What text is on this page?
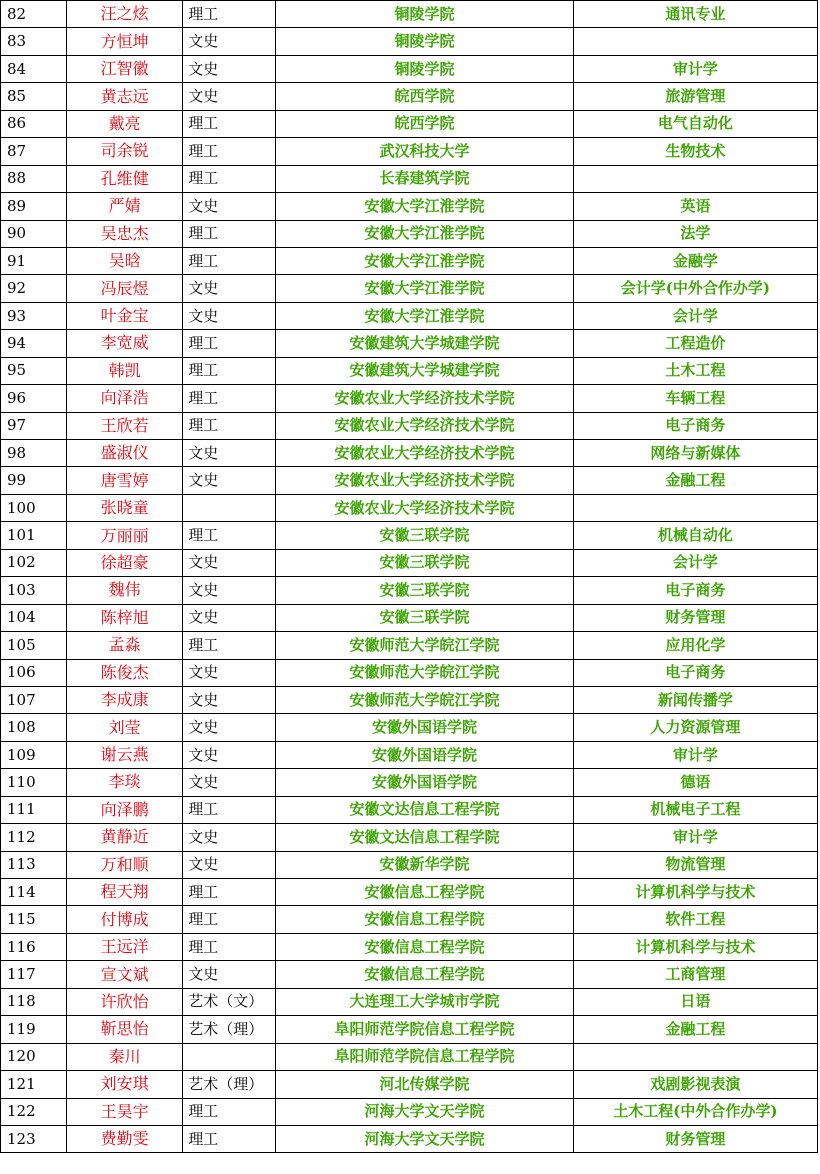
82	汪之炫	理工	铜陵学院	通讯专业
83	方恒坤	文史	铜陵学院	
84	江智徽	文史	铜陵学院	审计学
85	黄志远	文史	皖西学院	旅游管理
86	戴亮	理工	皖西学院	电气自动化
87	司余锐	理工	武汉科技大学	生物技术
88	孔维健	理工	长春建筑学院	
89	严婧	文史	安徽大学江淮学院	英语
90	吴忠杰	理工	安徽大学江淮学院	法学
91	吴晗	理工	安徽大学江淮学院	金融学
92	冯辰煜	文史	安徽大学江淮学院	会计学(中外合作办学)
93	叶金宝	文史	安徽大学江淮学院	会计学
94	李宽威	理工	安徽建筑大学城建学院	工程造价
95	韩凯	理工	安徽建筑大学城建学院	土木工程
96	向泽浩	理工	安徽农业大学经济技术学院	车辆工程
97	王欣若	理工	安徽农业大学经济技术学院	电子商务
98	盛淑仪	文史	安徽农业大学经济技术学院	网络与新媒体
99	唐雪婷	文史	安徽农业大学经济技术学院	金融工程
100	张晓童		安徽农业大学经济技术学院	
101	万丽丽	理工	安徽三联学院	机械自动化
102	徐超豪	文史	安徽三联学院	会计学
103	魏伟	文史	安徽三联学院	电子商务
104	陈梓旭	文史	安徽三联学院	财务管理
105	孟淼	理工	安徽师范大学皖江学院	应用化学
106	陈俊杰	文史	安徽师范大学皖江学院	电子商务
107	李成康	文史	安徽师范大学皖江学院	新闻传播学
108	刘莹	文史	安徽外国语学院	人力资源管理
109	谢云燕	文史	安徽外国语学院	审计学
110	李琰	文史	安徽外国语学院	德语
111	向泽鹏	理工	安徽文达信息工程学院	机械电子工程
112	黄静近	文史	安徽文达信息工程学院	审计学
113	万和顺	文史	安徽新华学院	物流管理
114	程天翔	理工	安徽信息工程学院	计算机科学与技术
115	付博成	理工	安徽信息工程学院	软件工程
116	王远洋	理工	安徽信息工程学院	计算机科学与技术
117	宣文斌	文史	安徽信息工程学院	工商管理
118	许欣怡	艺术（文）	大连理工大学城市学院	日语
119	靳思怡	艺术（理）	阜阳师范学院信息工程学院	金融工程
120	秦川		阜阳师范学院信息工程学院	
121	刘安琪	艺术（理）	河北传媒学院	戏剧影视表演
122	王昊宇	理工	河海大学文天学院	土木工程(中外合作办学)
123	费勤雯	理工	河海大学文天学院	财务管理
